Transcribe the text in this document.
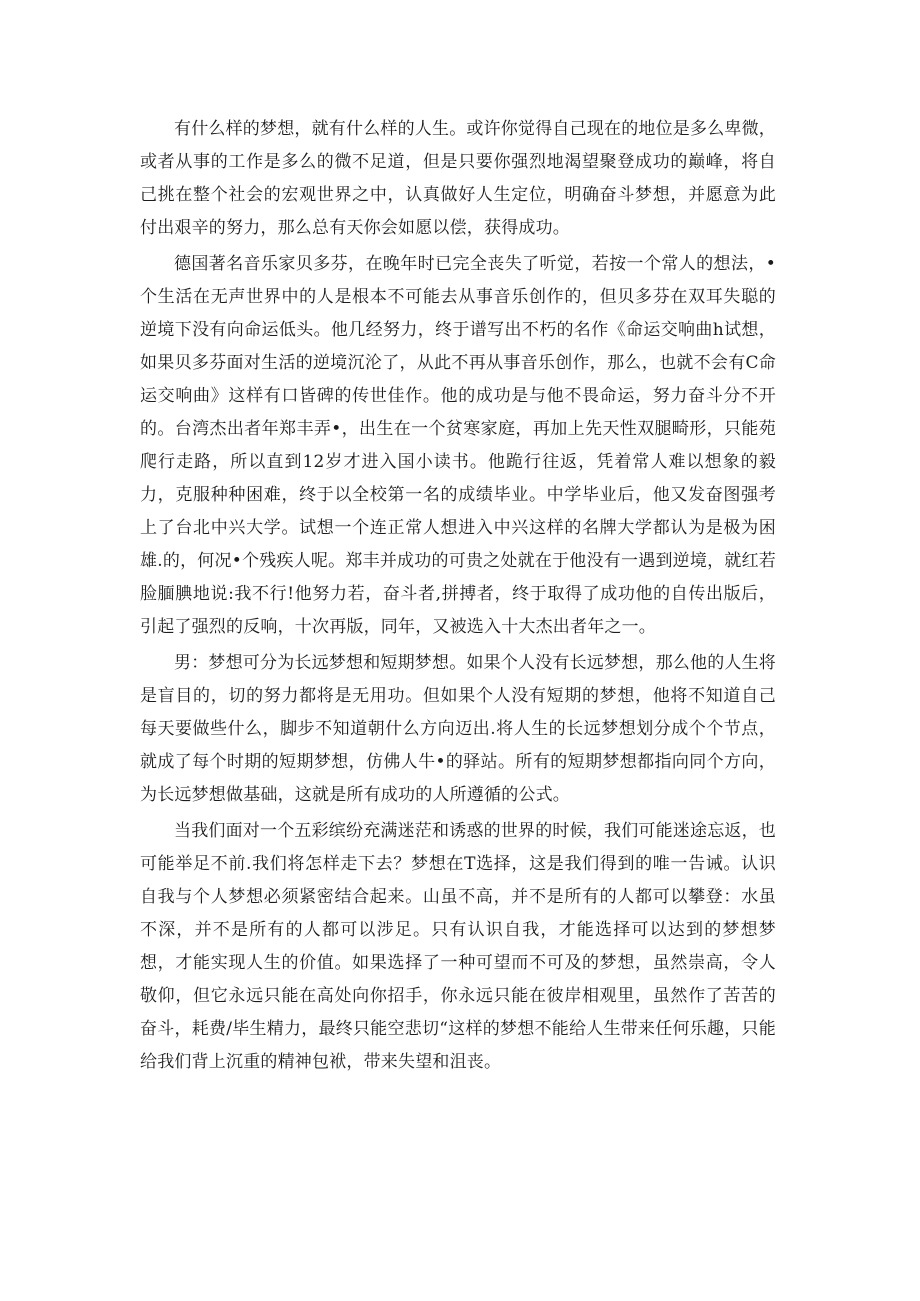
有什么样的梦想，就有什么样的人生。或许你觉得自己现在的地位是多么卑微，或者从事的工作是多么的微不足道，但是只要你强烈地渴望聚登成功的巅峰，将自己挑在整个社会的宏观世界之中，认真做好人生定位，明确奋斗梦想，并愿意为此付出艰辛的努力，那么总有天你会如愿以偿，获得成功。

德国著名音乐家贝多芬，在晚年时已完全丧失了听觉，若按一个常人的想法，•个生活在无声世界中的人是根本不可能去从事音乐创作的，但贝多芬在双耳失聪的逆境下没有向命运低头。他几经努力，终于谱写出不朽的名作《命运交响曲h试想，如果贝多芬面对生活的逆境沉沦了，从此不再从事音乐创作，那么，也就不会有C命运交响曲》这样有口皆碑的传世佳作。他的成功是与他不畏命运，努力奋斗分不开的。台湾杰出者年郑丰弄•，出生在一个贫寒家庭，再加上先天性双腿畸形，只能苑爬行走路，所以直到12岁才进入国小读书。他跪行往返，凭着常人难以想象的毅力，克服种种困难，终于以全校第一名的成绩毕业。中学毕业后，他又发奋图强考上了台北中兴大学。试想一个连正常人想进入中兴这样的名牌大学都认为是极为困雄.的，何况•个残疾人呢。郑丰并成功的可贵之处就在于他没有一遇到逆境，就红若脸腼腆地说:我不行!他努力若，奋斗者,拼搏者，终于取得了成功他的自传出版后，引起了强烈的反响，十次再版，同年，又被选入十大杰出者年之一。

男：梦想可分为长远梦想和短期梦想。如果个人没有长远梦想，那么他的人生将是盲目的，切的努力都将是无用功。但如果个人没有短期的梦想，他将不知道自己每天要做些什么，脚步不知道朝什么方向迈出.将人生的长远梦想划分成个个节点，就成了每个时期的短期梦想，仿佛人牛•的驿站。所有的短期梦想都指向同个方向，为长远梦想做基础，这就是所有成功的人所遵循的公式。

当我们面对一个五彩缤纷充满迷茫和诱惑的世界的时候，我们可能迷途忘返，也可能举足不前.我们将怎样走下去？梦想在T选择，这是我们得到的唯一告诫。认识自我与个人梦想必须紧密结合起来。山虽不高，并不是所有的人都可以攀登：水虽不深，并不是所有的人都可以涉足。只有认识自我，才能选择可以达到的梦想梦想，才能实现人生的价值。如果选择了一种可望而不可及的梦想，虽然崇高，令人敬仰，但它永远只能在高处向你招手，你永远只能在彼岸相观里，虽然作了苦苦的奋斗，耗费/毕生精力，最终只能空悲切“这样的梦想不能给人生带来任何乐趣，只能给我们背上沉重的精神包袱，带来失望和沮丧。
